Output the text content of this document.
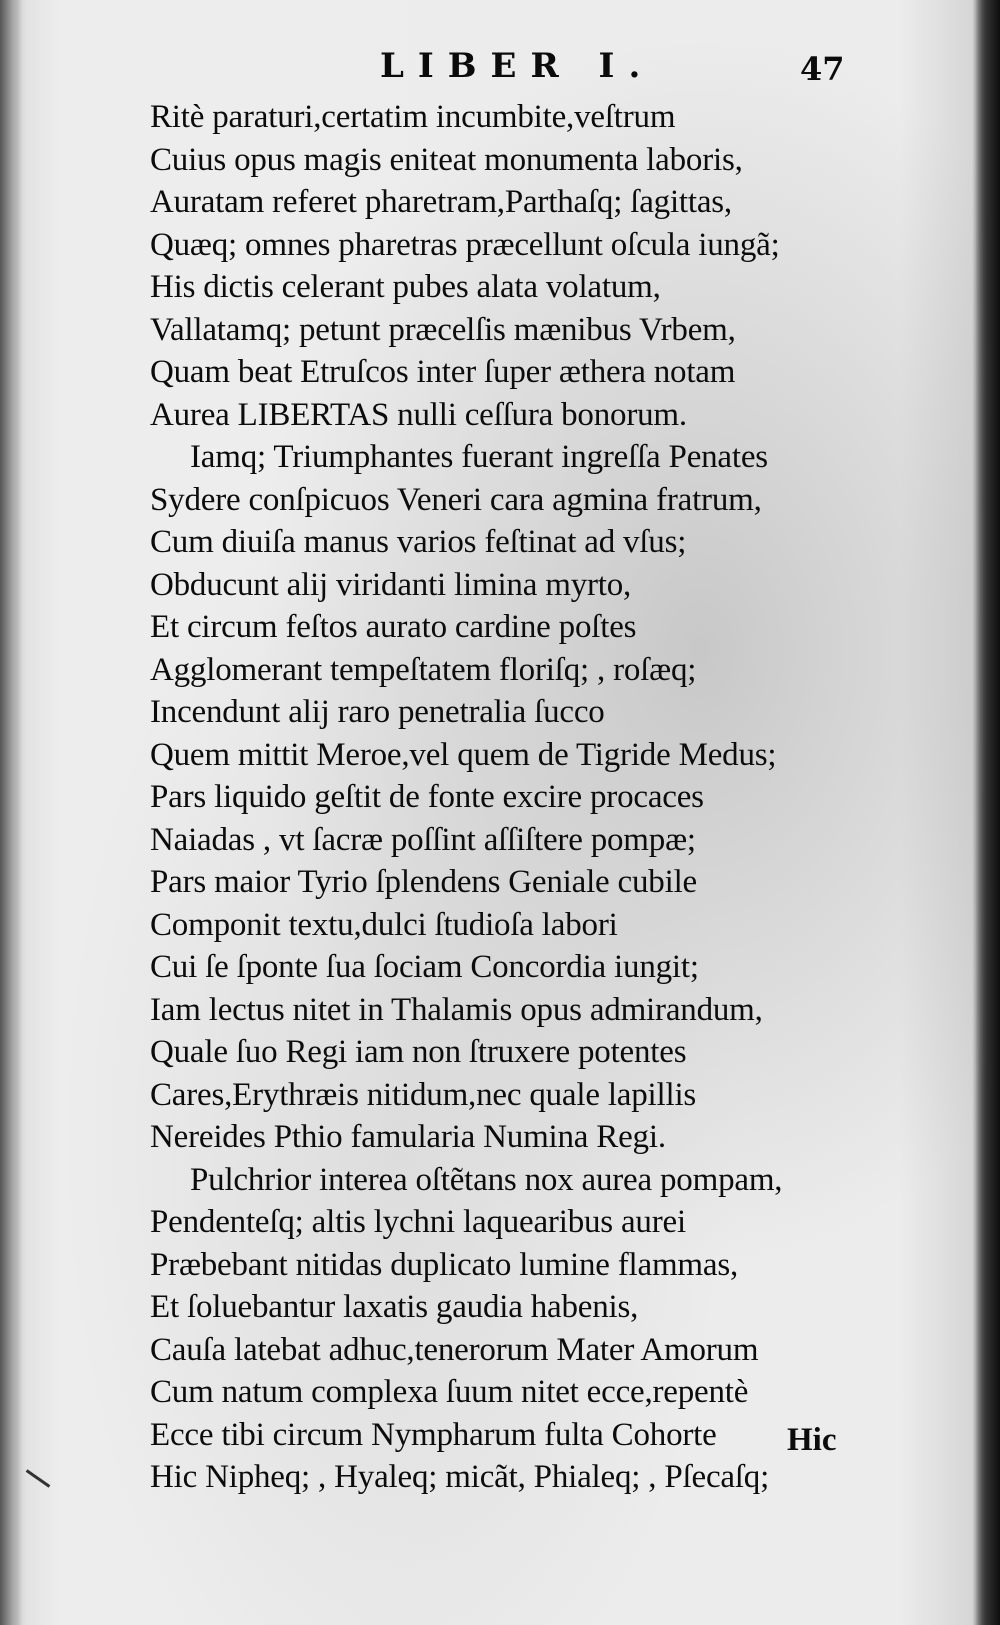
LIBER I.	47
Ritè paraturi,certatim incumbite,veſtrum
Cuius opus magis eniteat monumenta laboris,
Auratam referet pharetram,Parthaſq; ſagittas,
Quæq; omnes pharetras præcellunt oſcula iungã;
His dictis celerant pubes alata volatum,
Vallatamq; petunt præcelſis mænibus Vrbem,
Quam beat Etruſcos inter ſuper æthera notam
Aurea LIBERTAS nulli ceſſura bonorum.
Iamq; Triumphantes fuerant ingreſſa Penates
Sydere conſpicuos Veneri cara agmina fratrum,
Cum diuiſa manus varios feſtinat ad vſus;
Obducunt alij viridanti limina myrto,
Et circum feſtos aurato cardine poſtes
Agglomerant tempeſtatem floriſq; , roſæq;
Incendunt alij raro penetralia ſucco
Quem mittit Meroe,vel quem de Tigride Medus;
Pars liquido geſtit de fonte excire procaces
Naiadas , vt ſacræ poſſint aſſiſtere pompæ;
Pars maior Tyrio ſplendens Geniale cubile
Componit textu,dulci ſtudioſa labori
Cui ſe ſponte ſua ſociam Concordia iungit;
Iam lectus nitet in Thalamis opus admirandum,
Quale ſuo Regi iam non ſtruxere potentes
Cares,Erythræis nitidum,nec quale lapillis
Nereides Pthio famularia Numina Regi.
Pulchrior interea oſtẽtans nox aurea pompam,
Pendenteſq; altis lychni laquearibus aurei
Præbebant nitidas duplicato lumine flammas,
Et ſoluebantur laxatis gaudia habenis,
Cauſa latebat adhuc,tenerorum Mater Amorum
Cum natum complexa ſuum nitet ecce,repentè
Ecce tibi circum Nympharum fulta Cohorte
Hic Nipheq; , Hyaleq; micãt, Phialeq; , Pſecaſq;
Hic
